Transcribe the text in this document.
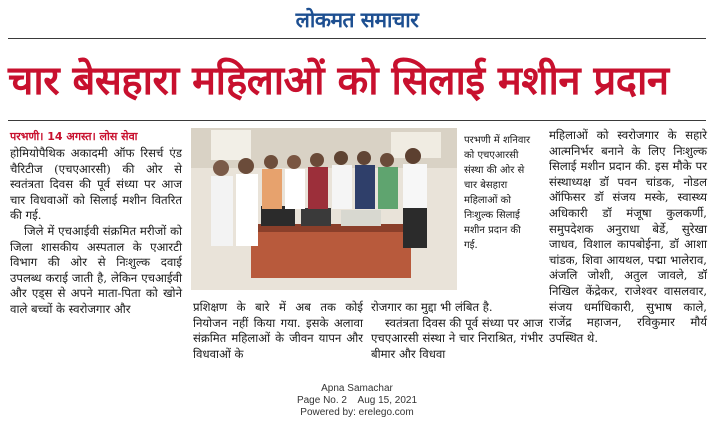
लोकमत समाचार
चार बेसहारा महिलाओं को सिलाई मशीन प्रदान
परभणी। 14 अगस्त। लोस सेवा

होमियोपैथिक अकादमी ऑफ रिसर्च एंड चैरिटीज (एचएआरसी) की ओर से स्वतंत्रता दिवस की पूर्व संध्या पर आज चार विधवाओं को सिलाई मशीन वितरित की गई.

जिले में एचआईवी संक्रमित मरीजों को जिला शासकीय अस्पताल के एआरटी विभाग की ओर से निःशुल्क दवाई उपलब्ध कराई जाती है, लेकिन एचआईवी और एड्स से अपने माता-पिता को खोने वाले बच्चों के स्वरोजगार और

परभणी में शनिवार को एचएआरसी संस्था की ओर से चार बेसहारा महिलाओं को निःशुल्क सिलाई मशीन प्रदान की गई.

प्रशिक्षण के बारे में अब तक कोई नियोजन नहीं किया गया. इसके अलावा संक्रमित महिलाओं के जीवन यापन और विधवाओं के

रोजगार का मुद्दा भी लंबित है.

स्वतंत्रता दिवस की पूर्व संध्या पर आज एचएआरसी संस्था ने चार निराश्रित, गंभीर बीमार और विधवा

महिलाओं को स्वरोजगार के सहारे आत्मनिर्भर बनाने के लिए निःशुल्क सिलाई मशीन प्रदान की. इस मौके पर संस्थाध्यक्ष डॉ पवन चांडक, नोडल ऑफिसर डॉ संजय मस्के, स्वास्थ्य अधिकारी डॉ मंजूषा कुलकर्णी, समुपदेशक अनुराधा बेर्डे, सुरेखा जाधव, विशाल कापबोईना, डॉ आशा चांडक, शिवा आयथल, पद्मा भालेराव, अंजलि जोशी, अतुल जावले, डॉ निखिल केंद्रेकर, राजेश्वर वासलवार, संजय धर्माधिकारी, सुभाष काले, राजेंद्र महाजन, रविकुमार मौर्य उपस्थित थे.

Apna Samachar
Page No. 2    Aug 15, 2021
Powered by: erelego.com
